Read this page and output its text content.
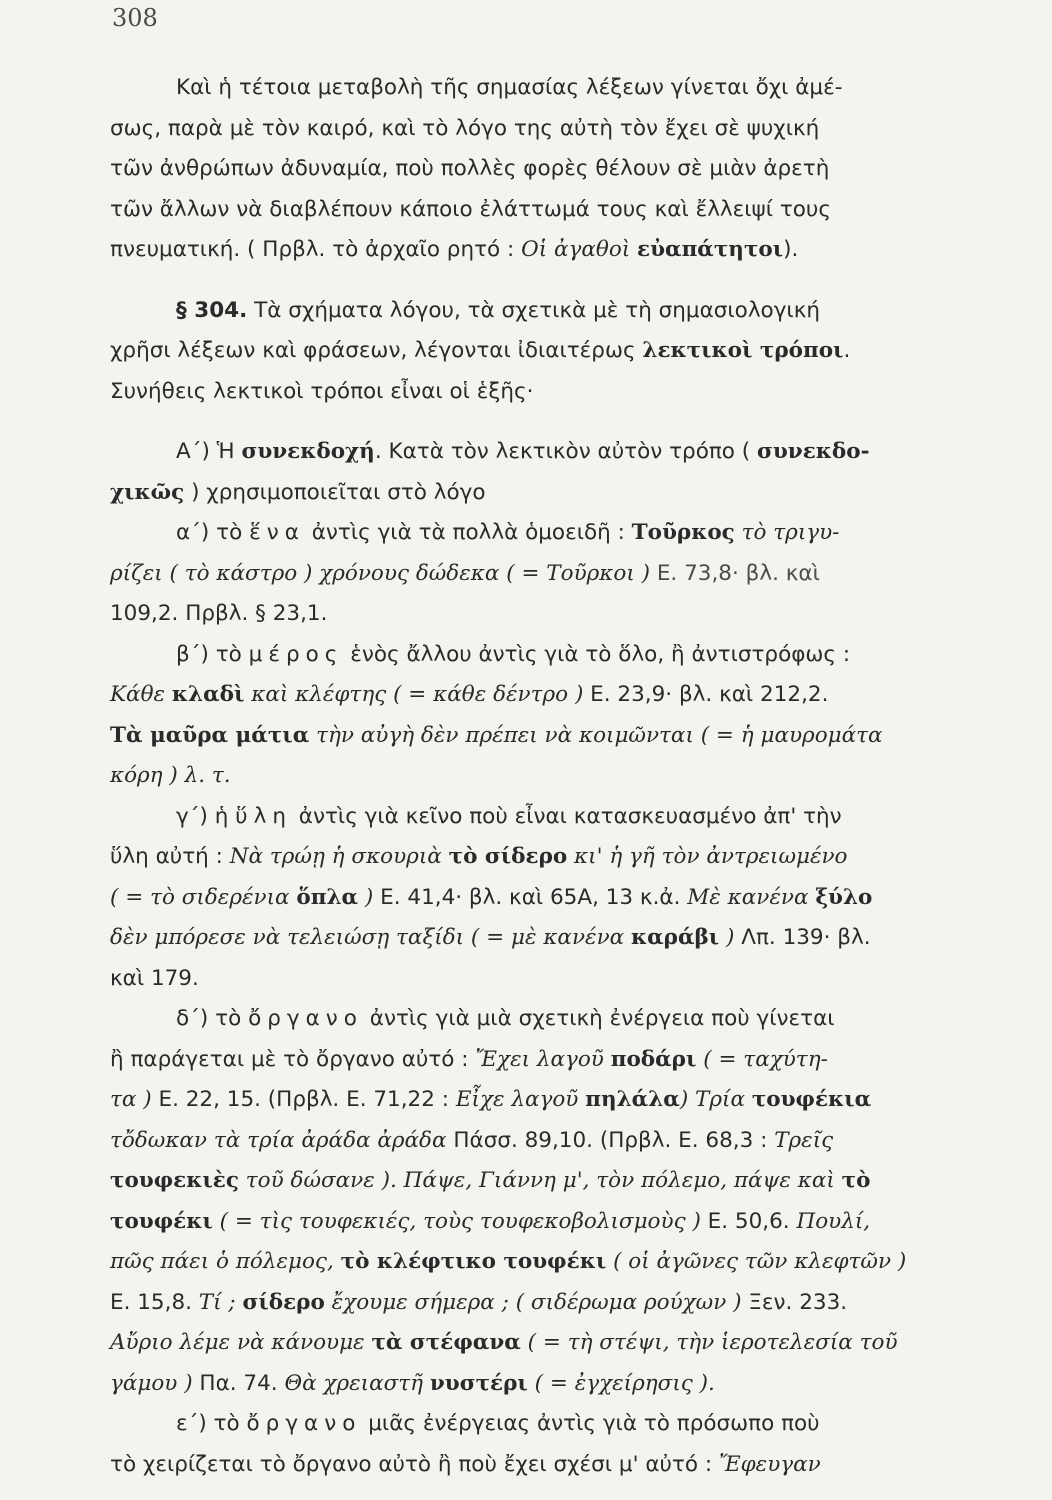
308
Καὶ ἡ τέτοια μεταβολὴ τῆς σημασίας λέξεων γίνεται ὄχι ἀμέ-
σως, παρὰ μὲ τὸν καιρό, καὶ τὸ λόγο της αὐτὴ τὸν ἔχει σὲ ψυχική
τῶν ἀνθρώπων ἀδυναμία, ποὺ πολλὲς φορὲς θέλουν σὲ μιὰν ἀρετὴ
τῶν ἄλλων νὰ διαβλέπουν κάποιο ἐλάττωμά τους καὶ ἔλλειψί τους
πνευματική. ( Πρβλ. τὸ ἀρχαῖο ρητό : Οἱ ἀγαθοὶ εὐαπάτητοι).
§ 304. Τὰ σχήματα λόγου, τὰ σχετικὰ μὲ τὴ σημασιολογική
χρῆσι λέξεων καὶ φράσεων, λέγονται ἰδιαιτέρως λεκτικοὶ τρόποι.
Συνήθεις λεκτικοὶ τρόποι εἶναι οἱ ἑξῆς·
Α΄) Ἡ συνεκδοχή. Κατὰ τὸν λεκτικὸν αὐτὸν τρόπο ( συνεκδο-
χικῶς ) χρησιμοποιεῖται στὸ λόγο
α΄) τὸ ἕνα ἀντὶς γιὰ τὰ πολλὰ ὁμοειδῆ : Τοῦρκος τὸ τριγυ-
ρίζει ( τὸ κάστρο ) χρόνους δώδεκα ( = Τοῦρκοι ) Ε. 73,8· βλ. καὶ
109,2. Πρβλ. § 23,1.
β΄) τὸ μέρος ἑνὸς ἄλλου ἀντὶς γιὰ τὸ ὅλο, ἢ ἀντιστρόφως :
Κάθε κλαδὶ καὶ κλέφτης ( = κάθε δέντρο ) Ε. 23,9· βλ. καὶ 212,2.
Τὰ μαῦρα μάτια τὴν αὐγὴ δὲν πρέπει νὰ κοιμῶνται ( = ἡ μαυρομάτα
κόρη ) λ. τ.
γ΄) ἡ ὕλη ἀντὶς γιὰ κεῖνο ποὺ εἶναι κατασκευασμένο ἀπ' τὴν
ὕλη αὐτή : Νὰ τρώῃ ἡ σκουριὰ τὸ σίδερο κι' ἡ γῆ τὸν ἀντρειωμένο
( = τὸ σιδερένια ὅπλα ) Ε. 41,4· βλ. καὶ 65Α, 13 κ.ἀ. Μὲ κανένα ξύλο
δὲν μπόρεσε νὰ τελειώσῃ ταξίδι ( = μὲ κανένα καράβι ) Λπ. 139· βλ.
καὶ 179.
δ΄) τὸ ὄργανο ἀντὶς γιὰ μιὰ σχετικὴ ἐνέργεια ποὺ γίνεται
ἢ παράγεται μὲ τὸ ὄργανο αὐτό : Ἔχει λαγοῦ ποδάρι ( = ταχύτη-
τα ) Ε. 22, 15. (Πρβλ. Ε. 71,22 : Εἶχε λαγοῦ πηλάλα) Τρία τουφέκια
τὄδωκαν τὰ τρία ἀράδα ἀράδα Πάσσ. 89,10. (Πρβλ. Ε. 68,3 : Τρεῖς
τουφεκιὲς τοῦ δώσανε ). Πάψε, Γιάννη μ', τὸν πόλεμο, πάψε καὶ τὸ
τουφέκι ( = τὶς τουφεκιές, τοὺς τουφεκοβολισμοὺς ) Ε. 50,6. Πουλί,
πῶς πάει ὁ πόλεμος, τὸ κλέφτικο τουφέκι ( οἱ ἀγῶνες τῶν κλεφτῶν )
Ε. 15,8. Τί ; σίδερο ἔχουμε σήμερα ; ( σιδέρωμα ρούχων ) Ξεν. 233.
Αὔριο λέμε νὰ κάνουμε τὰ στέφανα ( = τὴ στέψι, τὴν ἱεροτελεσία τοῦ
γάμου ) Πα. 74. Θὰ χρειαστῆ νυστέρι ( = ἐγχείρησις ).
ε΄) τὸ ὄργανο μιᾶς ἐνέργειας ἀντὶς γιὰ τὸ πρόσωπο ποὺ
τὸ χειρίζεται τὸ ὄργανο αὐτὸ ἢ ποὺ ἔχει σχέσι μ' αὐτό : Ἔφευγαν
